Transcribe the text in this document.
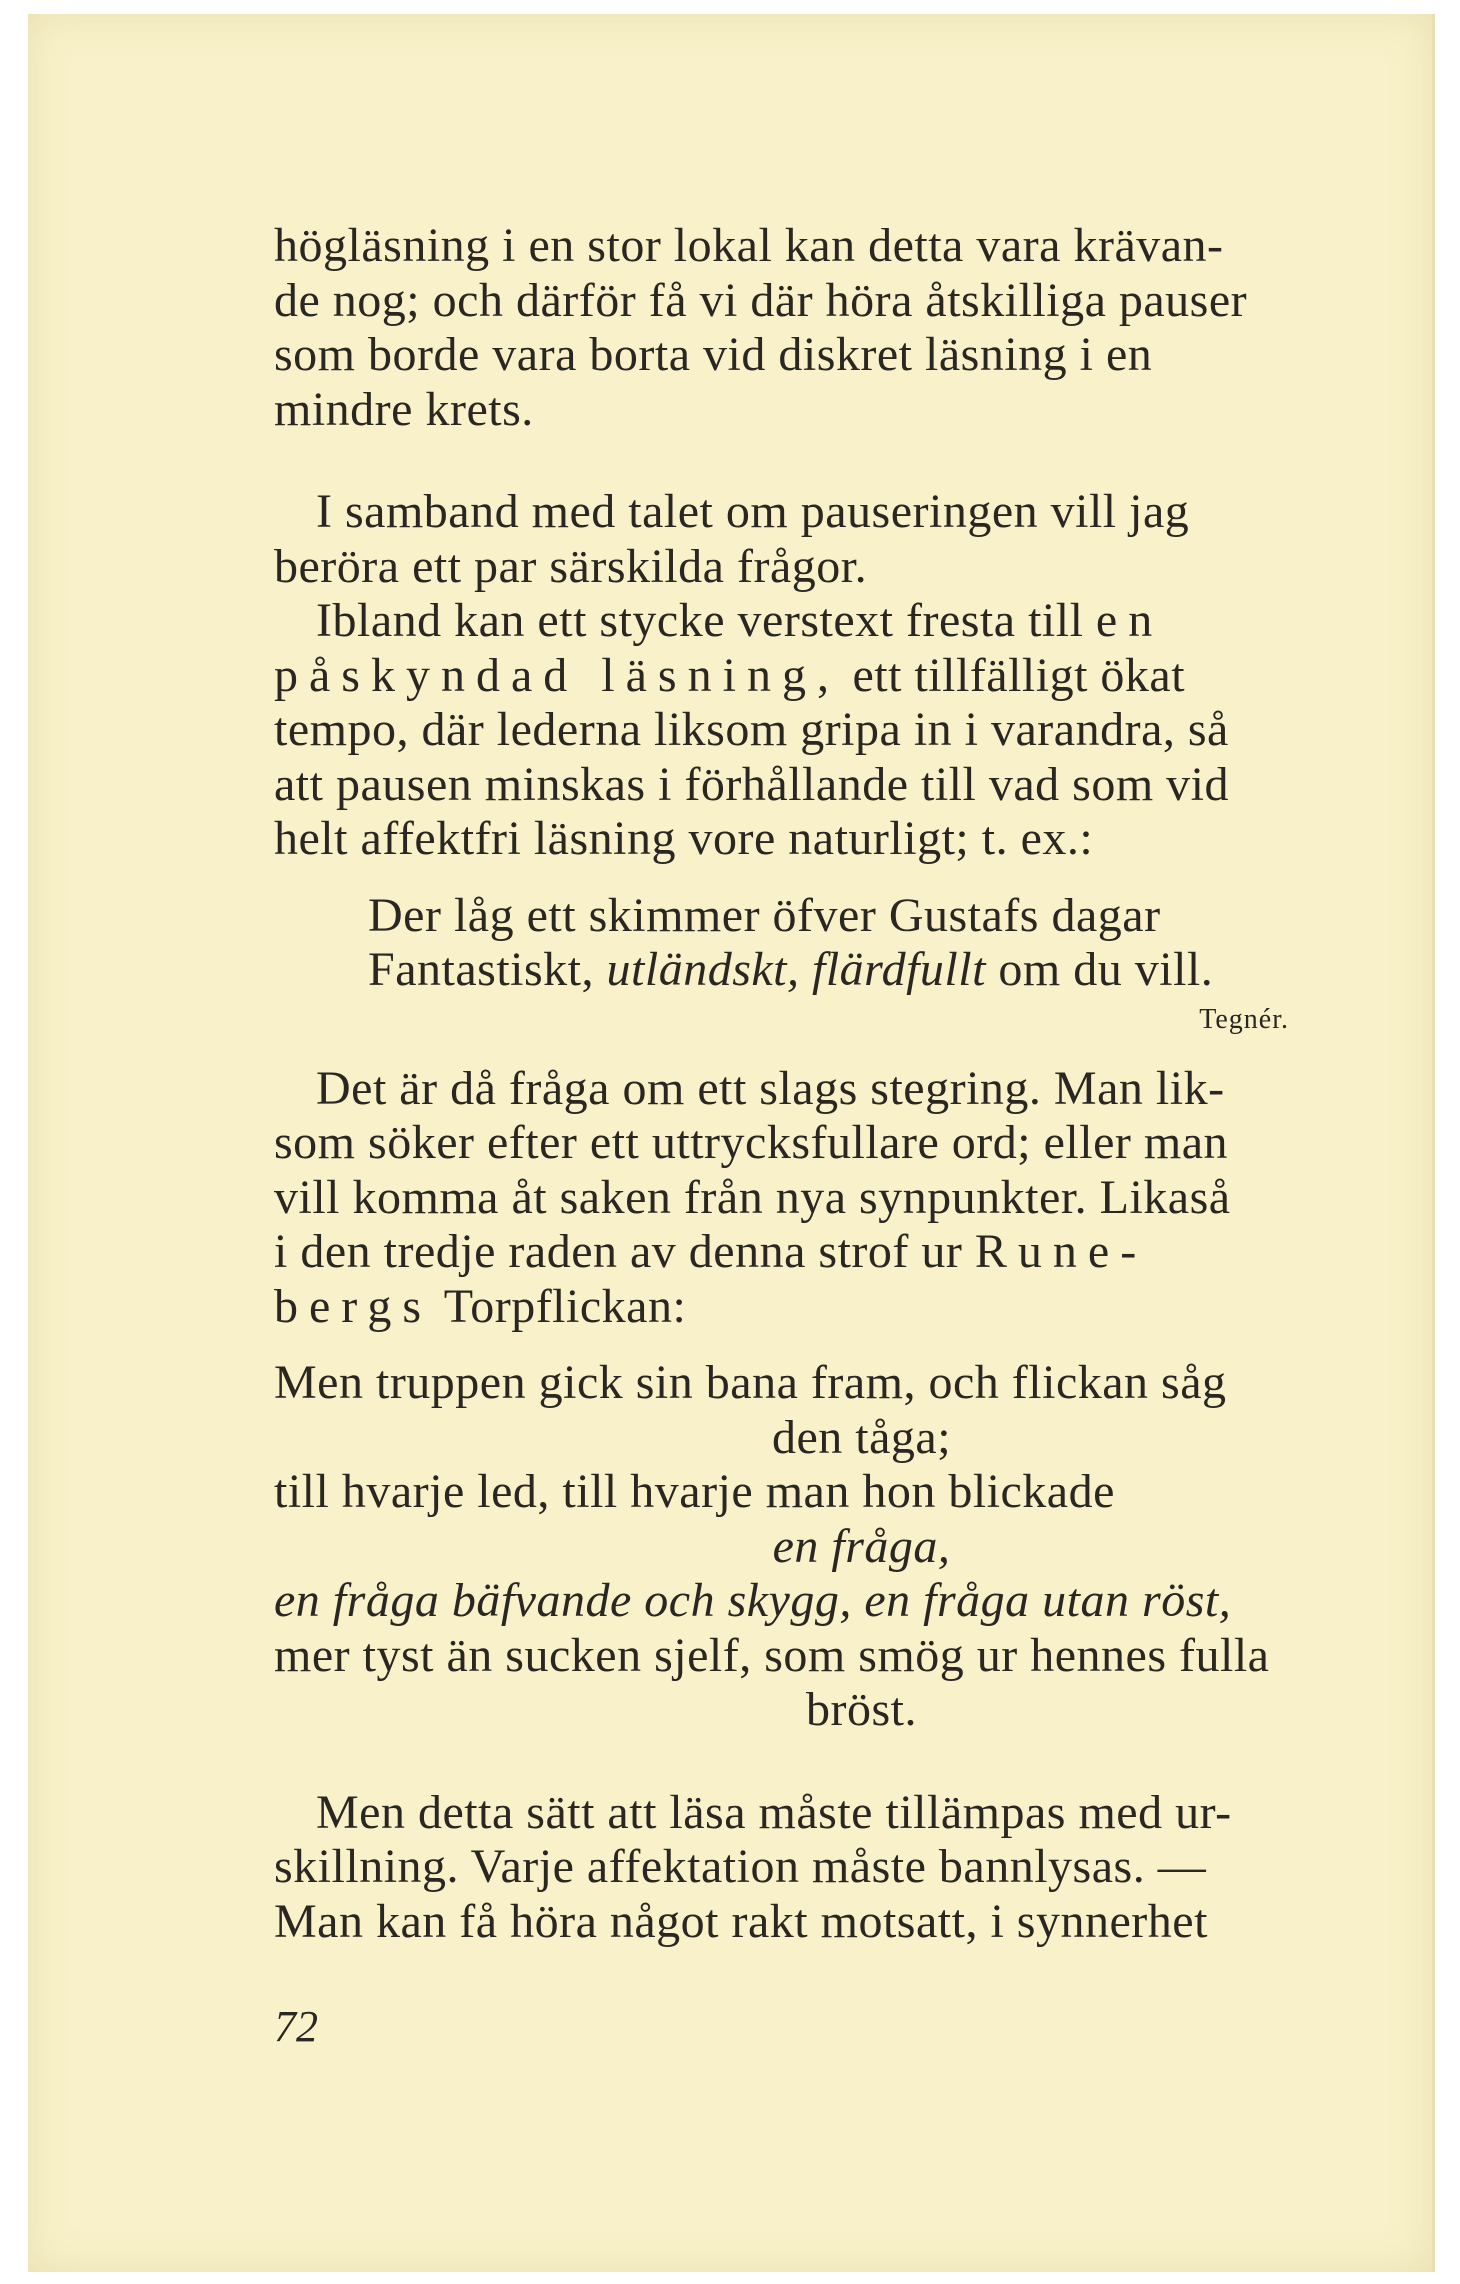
högläsning i en stor lokal kan detta vara krävan-
de nog; och därför få vi där höra åtskilliga pauser
som borde vara borta vid diskret läsning i en
mindre krets.

I samband med talet om pauseringen vill jag
beröra ett par särskilda frågor.

Ibland kan ett stycke verstext fresta till en
påskyndad läsning, ett tillfälligt ökat
tempo, där lederna liksom gripa in i varandra, så
att pausen minskas i förhållande till vad som vid
helt affektfri läsning vore naturligt; t. ex.:

Der låg ett skimmer öfver Gustafs dagar
Fantastiskt, utländskt, flärdfullt om du vill.
Tegnér.

Det är då fråga om ett slags stegring. Man lik-
som söker efter ett uttrycksfullare ord; eller man
vill komma åt saken från nya synpunkter. Likaså
i den tredje raden av denna strof ur Rune-
bergs Torpflickan:

Men truppen gick sin bana fram, och flickan såg

den tåga;

till hvarje led, till hvarje man hon blickade

en fråga,

en fråga bäfvande och skygg, en fråga utan röst,

mer tyst än sucken sjelf, som smög ur hennes fulla

bröst.

Men detta sätt att läsa måste tillämpas med ur-
skillning. Varje affektation måste bannlysas. —
Man kan få höra något rakt motsatt, i synnerhet

72
